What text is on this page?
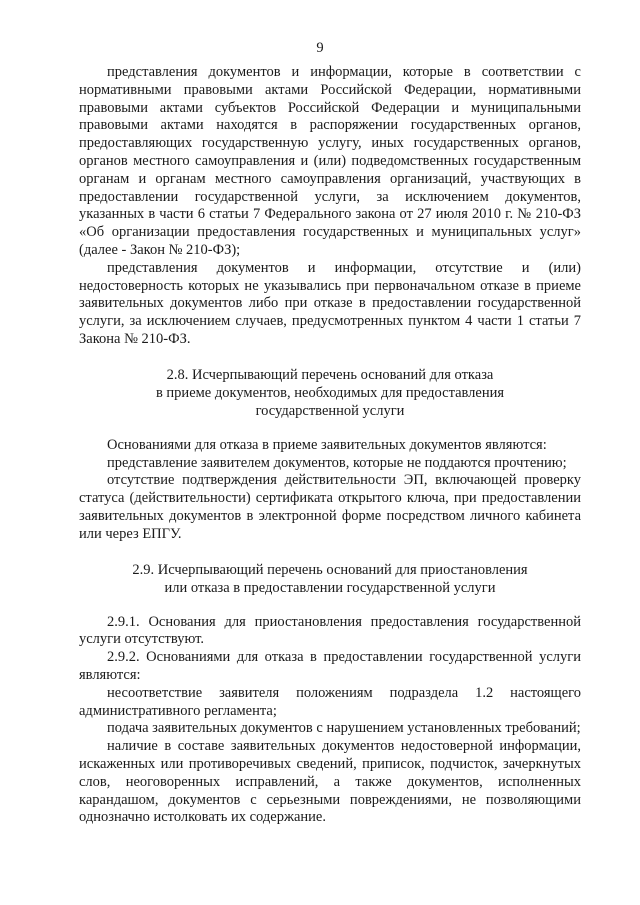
9

представления документов и информации, которые в соответствии с нормативными правовыми актами Российской Федерации, нормативными правовыми актами субъектов Российской Федерации и муниципальными правовыми актами находятся в распоряжении государственных органов, предоставляющих государственную услугу, иных государственных органов, органов местного самоуправления и (или) подведомственных государственным органам и органам местного самоуправления организаций, участвующих в предоставлении государственной услуги, за исключением документов, указанных в части 6 статьи 7 Федерального закона от 27 июля 2010 г. № 210-ФЗ «Об организации предоставления государственных и муниципальных услуг» (далее - Закон № 210-ФЗ);

представления документов и информации, отсутствие и (или) недостоверность которых не указывались при первоначальном отказе в приеме заявительных документов либо при отказе в предоставлении государственной услуги, за исключением случаев, предусмотренных пунктом 4 части 1 статьи 7 Закона № 210-ФЗ.

2.8. Исчерпывающий перечень оснований для отказа
в приеме документов, необходимых для предоставления
государственной услуги

Основаниями для отказа в приеме заявительных документов являются:

представление заявителем документов, которые не поддаются прочтению;

отсутствие подтверждения действительности ЭП, включающей проверку статуса (действительности) сертификата открытого ключа, при предоставлении заявительных документов в электронной форме посредством личного кабинета или через ЕПГУ.

2.9. Исчерпывающий перечень оснований для приостановления
или отказа в предоставлении государственной услуги

2.9.1. Основания для приостановления предоставления государственной услуги отсутствуют.

2.9.2. Основаниями для отказа в предоставлении государственной услуги являются:

несоответствие заявителя положениям подраздела 1.2 настоящего административного регламента;

подача заявительных документов с нарушением установленных требований;

наличие в составе заявительных документов недостоверной информации, искаженных или противоречивых сведений, приписок, подчисток, зачеркнутых слов, неоговоренных исправлений, а также документов, исполненных карандашом, документов с серьезными повреждениями, не позволяющими однозначно истолковать их содержание.
